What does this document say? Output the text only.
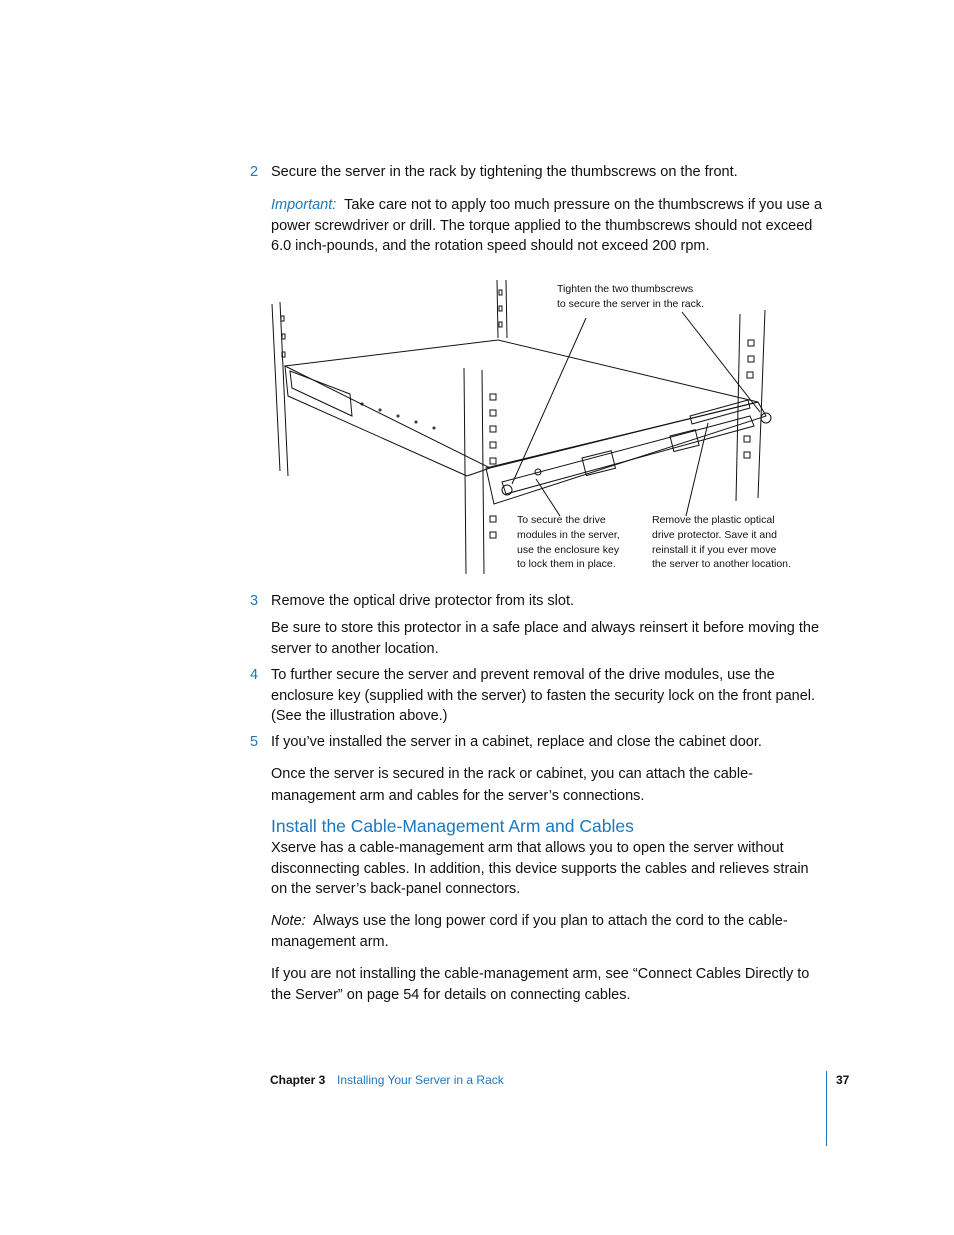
2 Secure the server in the rack by tightening the thumbscrews on the front.
Important: Take care not to apply too much pressure on the thumbscrews if you use a power screwdriver or drill. The torque applied to the thumbscrews should not exceed 6.0 inch-pounds, and the rotation speed should not exceed 200 rpm.
Tighten the two thumbscrews
to secure the server in the rack.
To secure the drive
modules in the server,
use the enclosure key
to lock them in place.
Remove the plastic optical
drive protector. Save it and
reinstall it if you ever move
the server to another location.
3 Remove the optical drive protector from its slot.
Be sure to store this protector in a safe place and always reinsert it before moving the server to another location.
4 To further secure the server and prevent removal of the drive modules, use the enclosure key (supplied with the server) to fasten the security lock on the front panel. (See the illustration above.)
5 If you’ve installed the server in a cabinet, replace and close the cabinet door.
Once the server is secured in the rack or cabinet, you can attach the cable-management arm and cables for the server’s connections.
Install the Cable-Management Arm and Cables
Xserve has a cable-management arm that allows you to open the server without disconnecting cables. In addition, this device supports the cables and relieves strain on the server’s back-panel connectors.
Note: Always use the long power cord if you plan to attach the cord to the cable-management arm.
If you are not installing the cable-management arm, see “Connect Cables Directly to the Server” on page 54 for details on connecting cables.
Chapter 3 Installing Your Server in a Rack	37
